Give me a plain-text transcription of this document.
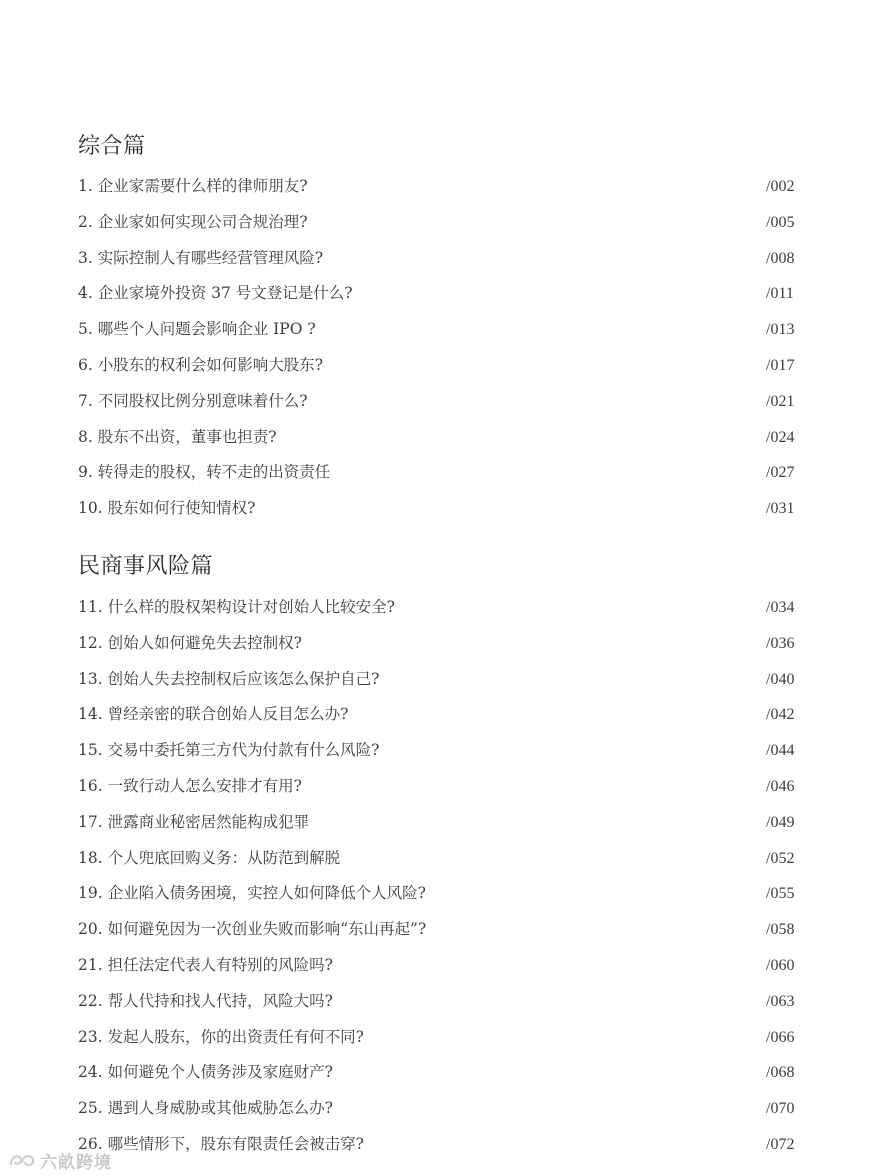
综合篇
1. 企业家需要什么样的律师朋友?	/002
2. 企业家如何实现公司合规治理?	/005
3. 实际控制人有哪些经营管理风险?	/008
4. 企业家境外投资 37 号文登记是什么?	/011
5. 哪些个人问题会影响企业 IPO ?	/013
6. 小股东的权利会如何影响大股东?	/017
7. 不同股权比例分别意味着什么?	/021
8. 股东不出资，董事也担责?	/024
9. 转得走的股权，转不走的出资责任	/027
10. 股东如何行使知情权?	/031
民商事风险篇
11. 什么样的股权架构设计对创始人比较安全?	/034
12. 创始人如何避免失去控制权?	/036
13. 创始人失去控制权后应该怎么保护自己?	/040
14. 曾经亲密的联合创始人反目怎么办?	/042
15. 交易中委托第三方代为付款有什么风险?	/044
16. 一致行动人怎么安排才有用?	/046
17. 泄露商业秘密居然能构成犯罪	/049
18. 个人兜底回购义务：从防范到解脱	/052
19. 企业陷入债务困境，实控人如何降低个人风险?	/055
20. 如何避免因为一次创业失败而影响“东山再起”?	/058
21. 担任法定代表人有特别的风险吗?	/060
22. 帮人代持和找人代持，风险大吗?	/063
23. 发起人股东，你的出资责任有何不同?	/066
24. 如何避免个人债务涉及家庭财产?	/068
25. 遇到人身威胁或其他威胁怎么办?	/070
26. 哪些情形下，股东有限责任会被击穿?	/072
六畝跨境
